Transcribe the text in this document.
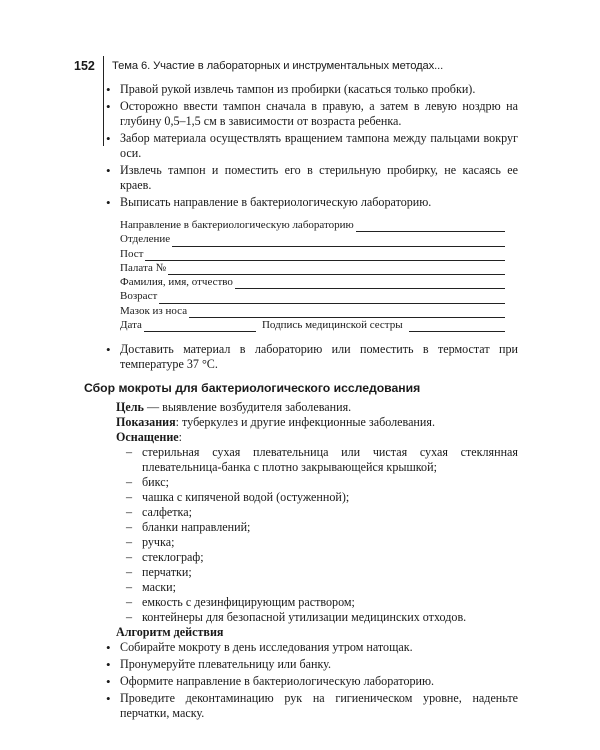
152	Тема 6. Участие в лабораторных и инструментальных методах...
• Правой рукой извлечь тампон из пробирки (касаться только пробки).
• Осторожно ввести тампон сначала в правую, а затем в левую ноздрю на глубину 0,5–1,5 см в зависимости от возраста ребенка.
• Забор материала осуществлять вращением тампона между пальцами вокруг оси.
• Извлечь тампон и поместить его в стерильную пробирку, не касаясь ее краев.
• Выписать направление в бактериологическую лабораторию.
Направление в бактериологическую лабораторию
Отделение
Пост
Палата №
Фамилия, имя, отчество
Возраст
Мазок из носа
Дата	Подпись медицинской сестры
• Доставить материал в лабораторию или поместить в термостат при температуре 37 °C.
Сбор мокроты для бактериологического исследования
Цель — выявление возбудителя заболевания.
Показания: туберкулез и другие инфекционные заболевания.
Оснащение:
– стерильная сухая плевательница или чистая сухая стеклянная плевательница-банка с плотно закрывающейся крышкой;
– бикс;
– чашка с кипяченой водой (остуженной);
– салфетка;
– бланки направлений;
– ручка;
– стеклограф;
– перчатки;
– маски;
– емкость с дезинфицирующим раствором;
– контейнеры для безопасной утилизации медицинских отходов.
Алгоритм действия
• Собирайте мокроту в день исследования утром натощак.
• Пронумеруйте плевательницу или банку.
• Оформите направление в бактериологическую лабораторию.
• Проведите деконтаминацию рук на гигиеническом уровне, наденьте перчатки, маску.
